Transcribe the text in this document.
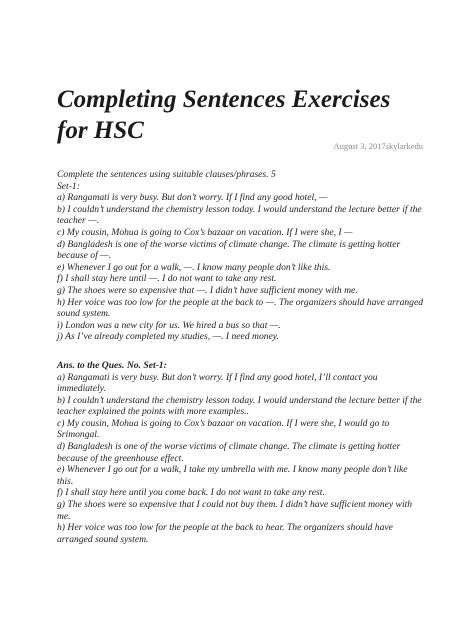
Completing Sentences Exercises
for HSC
August 3, 2017skylarkedu

Complete the sentences using suitable clauses/phrases. 5

Set-1:

a) Rangamati is very busy. But don’t worry. If I find any good hotel, —

b) I couldn’t understand the chemistry lesson today. I would understand the lecture better if the teacher —.

c) My cousin, Mohua is going to Cox’s bazaar on vacation. If I were she, I —

d) Bangladesh is one of the worse victims of climate change. The climate is getting hotter because of —.

e) Whenever I go out for a walk, —. I know many people don’t like this.

f) I shall stay here until —. I do not want to take any rest.

g) The shoes were so expensive that —. I didn’t have sufficient money with me.

h) Her voice was too low for the people at the back to —. The organizers should have arranged sound system.

i) London was a new city for us. We hired a bus so that —.

j) As I’ve already completed my studies, —. I need money.

Ans. to the Ques. No. Set-1:

a) Rangamati is very busy. But don’t worry. If I find any good hotel, I’ll contact you immediately.

b) I couldn’t understand the chemistry lesson today. I would understand the lecture better if the teacher explained the points with more examples..

c) My cousin, Mohua is going to Cox’s bazaar on vacation. If I were she, I would go to Srimongal.

d) Bangladesh is one of the worse victims of climate change. The climate is getting hotter because of the greenhouse effect.

e) Whenever I go out for a walk, I take my umbrella with me. I know many people don’t like this.

f) I shall stay here until you come back. I do not want to take any rest.

g) The shoes were so expensive that I could not buy them. I didn’t have sufficient money with me.

h) Her voice was too low for the people at the back to hear. The organizers should have arranged sound system.
